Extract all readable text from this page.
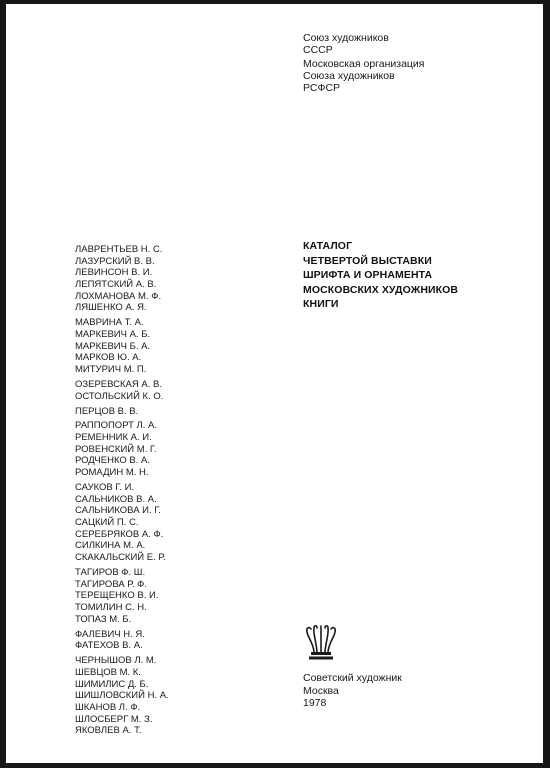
Союз художников
СССР
Московская организация
Союза художников
РСФСР
КАТАЛОГ
ЧЕТВЕРТОЙ ВЫСТАВКИ
ШРИФТА И ОРНАМЕНТА
МОСКОВСКИХ ХУДОЖНИКОВ
КНИГИ
ЛАВРЕНТЬЕВ Н. С.
ЛАЗУРСКИЙ В. В.
ЛЕВИНСОН В. И.
ЛЕПЯТСКИЙ А. В.
ЛОХМАНОВА М. Ф.
ЛЯШЕНКО А. Я.
МАВРИНА Т. А.
МАРКЕВИЧ А. Б.
МАРКЕВИЧ Б. А.
МАРКОВ Ю. А.
МИТУРИЧ М. П.
ОЗЕРЕВСКАЯ А. В.
ОСТОЛЬСКИЙ К. О.
ПЕРЦОВ В. В.
РАППОПОРТ Л. А.
РЕМЕННИК А. И.
РОВЕНСКИЙ М. Г.
РОДЧЕНКО В. А.
РОМАДИН М. Н.
САУКОВ Г. И.
САЛЬНИКОВ В. А.
САЛЬНИКОВА И. Г.
САЦКИЙ П. С.
СЕРЕБРЯКОВ А. Ф.
СИЛКИНА М. А.
СКАКАЛЬСКИЙ Е. Р.
ТАГИРОВ Ф. Ш.
ТАГИРОВА Р. Ф.
ТЕРЕЩЕНКО В. И.
ТОМИЛИН С. Н.
ТОПАЗ М. Б.
ФАЛЕВИЧ Н. Я.
ФАТЕХОВ В. А.
ЧЕРНЫШОВ Л. М.
ШЕВЦОВ М. К.
ШИМИЛИС Д. Б.
ШИШЛОВСКИЙ Н. А.
ШКАНОВ Л. Ф.
ШЛОСБЕРГ М. З.
ЯКОВЛЕВ А. Т.
Советский художник
Москва
1978
